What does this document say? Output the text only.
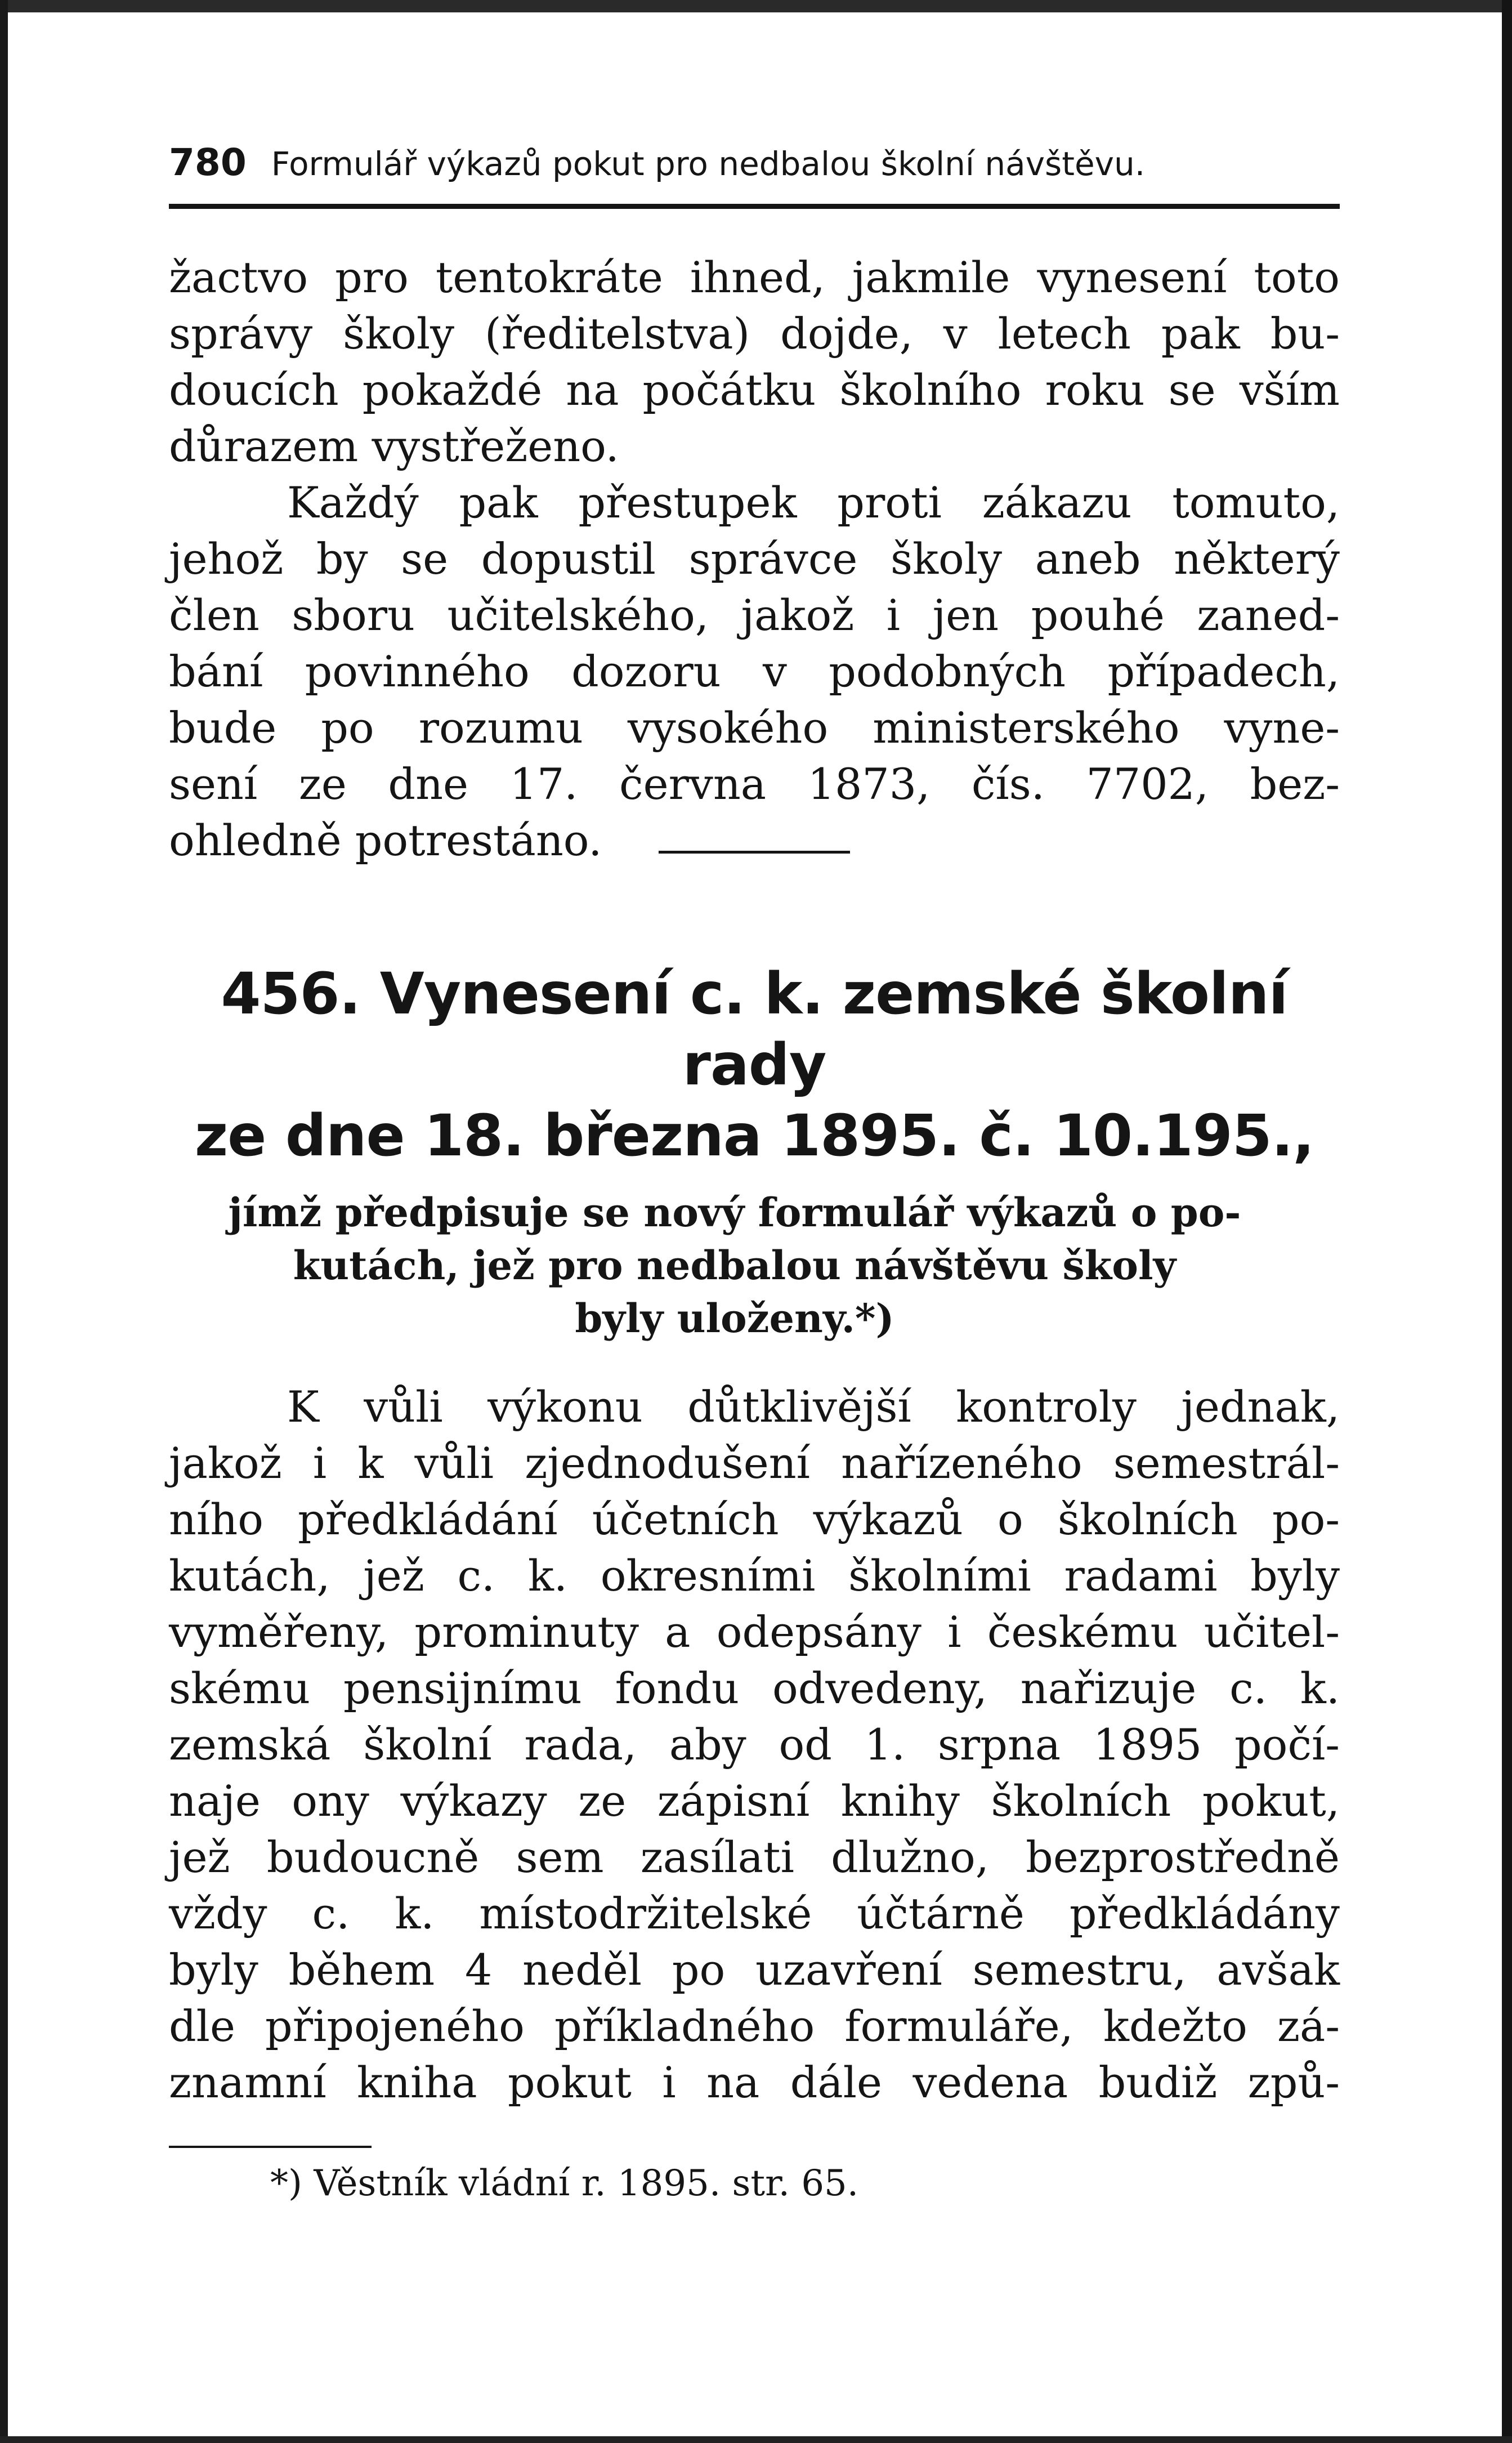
780 Formulář výkazů pokut pro nedbalou školní návštěvu.

žactvo pro tentokráte ihned, jakmile vynesení toto

správy školy (ředitelstva) dojde, v letech pak bu-

doucích pokaždé na počátku školního roku se vším

důrazem vystřeženo.

Každý pak přestupek proti zákazu tomuto,

jehož by se dopustil správce školy aneb některý

člen sboru učitelského, jakož i jen pouhé zaned-

bání povinného dozoru v podobných případech,

bude po rozumu vysokého ministerského vyne-

sení ze dne 17. června 1873, čís. 7702, bez-

ohledně potrestáno.

456. Vynesení c. k. zemské školní rady
ze dne 18. března 1895. č. 10.195.,
jímž předpisuje se nový formulář výkazů o po-
kutách, jež pro nedbalou návštěvu školy
byly uloženy.*)

K vůli výkonu důtklivější kontroly jednak,

jakož i k vůli zjednodušení nařízeného semestrál-

ního předkládání účetních výkazů o školních po-

kutách, jež c. k. okresními školními radami byly

vyměřeny, prominuty a odepsány i českému učitel-

skému pensijnímu fondu odvedeny, nařizuje c. k.

zemská školní rada, aby od 1. srpna 1895 počí-

naje ony výkazy ze zápisní knihy školních pokut,

jež budoucně sem zasílati dlužno, bezprostředně

vždy c. k. místodržitelské účtárně předkládány

byly během 4 neděl po uzavření semestru, avšak

dle připojeného příkladného formuláře, kdežto zá-

znamní kniha pokut i na dále vedena budiž způ-

*) Věstník vládní r. 1895. str. 65.
